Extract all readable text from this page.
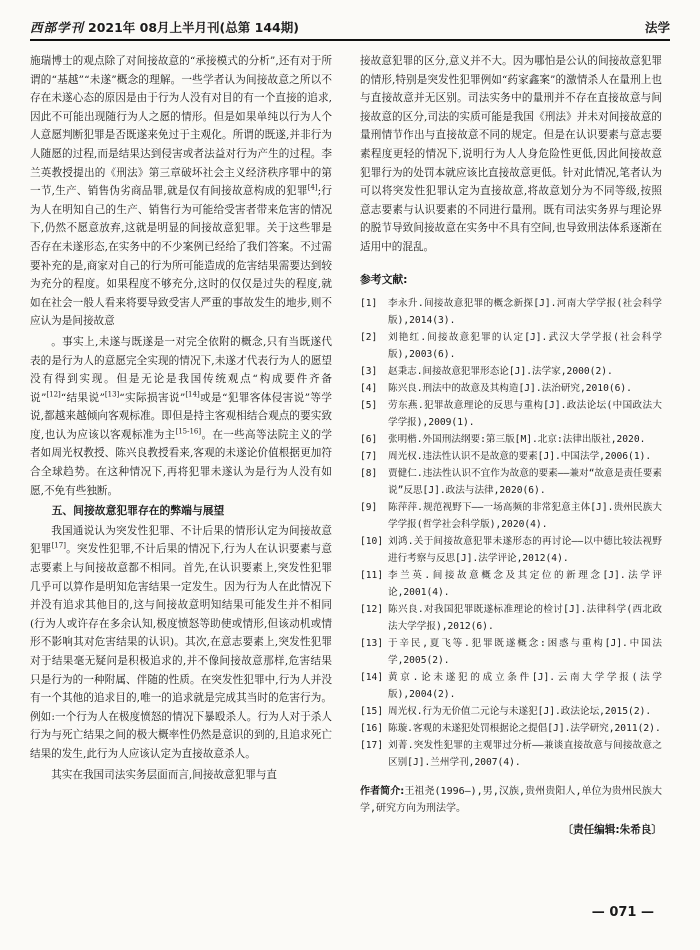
西部学刊 2021年 08月上半月刊(总第 144期)	法学

施瑞博士的观点除了对间接故意的“承接模式的分析”,还有对于所谓的“基越”“未遂”概念的理解。一些学者认为间接故意之所以不存在未遂心态的原因是由于行为人没有对目的有一个直接的追求,因此不可能出现随行为人之愿的情形。但是如果单纯以行为人个人意愿判断犯罪是否既遂来免过于主观化。所谓的既遂,并非行为人随愿的过程,而是结果达到侵害或者法益对行为产生的过程。李兰英教授提出的《刑法》第三章破坏社会主义经济秩序罪中的第一节,生产、销售伪劣商品罪,就是仅有间接故意构成的犯罪[4];行为人在明知自己的生产、销售行为可能给受害者带来危害的情况下,仍然不愿意放弃,这就是明显的间接故意犯罪。关于这些罪是否存在未遂形态,在实务中的不少案例已经给了我们答案。不过需要补充的是,商家对自己的行为所可能造成的危害结果需要达到较为充分的程度。如果程度不够充分,这时的仅仅是过失的程度,就如在社会一般人看来将要导致受害人严重的事故发生的地步,则不应认为是间接故意

。事实上,未遂与既遂是一对完全依附的概念,只有当既遂代表的是行为人的意愿完全实现的情况下,未遂才代表行为人的愿望没有得到实现。但是无论是我国传统观点“构成要件齐备说”[12]“结果说”[13]“实际损害说”[14]或是“犯罪客体侵害说”等学说,都越来越倾向客观标准。即但是持主客观相结合观点的要实致度,也认为应该以客观标准为主[15-16]。在一些高等法院主义的学者如周光权教授、陈兴良教授看来,客观的未遂论价值根据更加符合全球趋势。在这种情况下,再将犯罪未遂认为是行为人没有如愿,不免有些独断。

五、间接故意犯罪存在的弊端与展望

我国通说认为突发性犯罪、不计后果的情形认定为间接故意犯罪[17]。突发性犯罪,不计后果的情况下,行为人在认识要素与意志要素上与间接故意都不相同。首先,在认识要素上,突发性犯罪几乎可以算作是明知危害结果一定发生。因为行为人在此情况下并没有追求其他目的,这与间接故意明知结果可能发生并不相同(行为人或许存在多余认知,极度愤怒等助使或情形,但该动机或情形不影响其对危害结果的认识)。其次,在意志要素上,突发性犯罪对于结果毫无疑问是积极追求的,并不像间接故意那样,危害结果只是行为的一种附属、伴随的性质。在突发性犯罪中,行为人并没有一个其他的追求目的,唯一的追求就是完成其当时的危害行为。例如:一个行为人在极度愤怒的情况下暴殴杀人。行为人对于杀人行为与死亡结果之间的极大概率性仍然是意识的到的,且追求死亡结果的发生,此行为人应该认定为直接故意杀人。

其实在我国司法实务层面而言,间接故意犯罪与直

接故意犯罪的区分,意义并不大。因为哪怕是公认的间接故意犯罪的情形,特别是突发性犯罪例如“药家鑫案”的激情杀人在量刑上也与直接故意并无区别。司法实务中的量刑并不存在直接故意与间接故意的区分,司法的实质可能是我国《刑法》并未对间接故意的量刑情节作出与直接故意不同的规定。但是在认识要素与意志要素程度更轻的情况下,说明行为人人身危险性更低,因此间接故意犯罪行为的处罚本就应该比直接故意更低。针对此情况,笔者认为可以将突发性犯罪认定为直接故意,将故意划分为不同等级,按照意志要素与认识要素的不同进行量刑。既有司法实务界与理论界的脱节导致间接故意在实务中不具有空间,也导致刑法体系逐渐在适用中的混乱。

参考文献:
[1]	李永升.间接故意犯罪的概念新探[J].河南大学学报(社会科学版),2014(3).
[2]	刘艳红.间接故意犯罪的认定[J].武汉大学学报(社会科学版),2003(6).
[3]	赵秉志.间接故意犯罪形态论[J].法学家,2000(2).
[4]	陈兴良.刑法中的故意及其构造[J].法治研究,2010(6).
[5]	劳东燕.犯罪故意理论的反思与重构[J].政法论坛(中国政法大学学报),2009(1).
[6]	张明楷.外国刑法纲要:第三版[M].北京:法律出版社,2020.
[7]	周光权.违法性认识不是故意的要素[J].中国法学,2006(1).
[8]	贾健仁.违法性认识不宜作为故意的要素——兼对“故意是责任要素说”反思[J].政法与法律,2020(6).
[9]	陈萍萍.规范视野下——一场高频的非常犯意主体[J].贵州民族大学学报(哲学社会科学版),2020(4).
[10] 刘鸿.关于间接故意犯罪未遂形态的再讨论——以中德比较法视野进行考察与反思[J].法学评论,2012(4).
[11] 李兰英.间接故意概念及其定位的新理念[J].法学评论,2001(4).
[12] 陈兴良.对我国犯罪既遂标准理论的检讨[J].法律科学(西北政法大学学报),2012(6).
[13] 于辛民,夏飞等.犯罪既遂概念:困惑与重构[J].中国法学,2005(2).
[14] 黄京.论未遂犯的成立条件[J].云南大学学报(法学版),2004(2).
[15] 周光权.行为无价值二元论与未遂犯[J].政法论坛,2015(2).
[16] 陈璇.客观的未遂犯处罚根据论之提倡[J].法学研究,2011(2).
[17] 刘菁.突发性犯罪的主观罪过分析——兼谈直接故意与间接故意之区别[J].兰州学刊,2007(4).
作者简介:王祖尧(1996—),男,汉族,贵州贵阳人,单位为贵州民族大学,研究方向为刑法学。
〔责任编辑:朱希良〕
— 071 —
